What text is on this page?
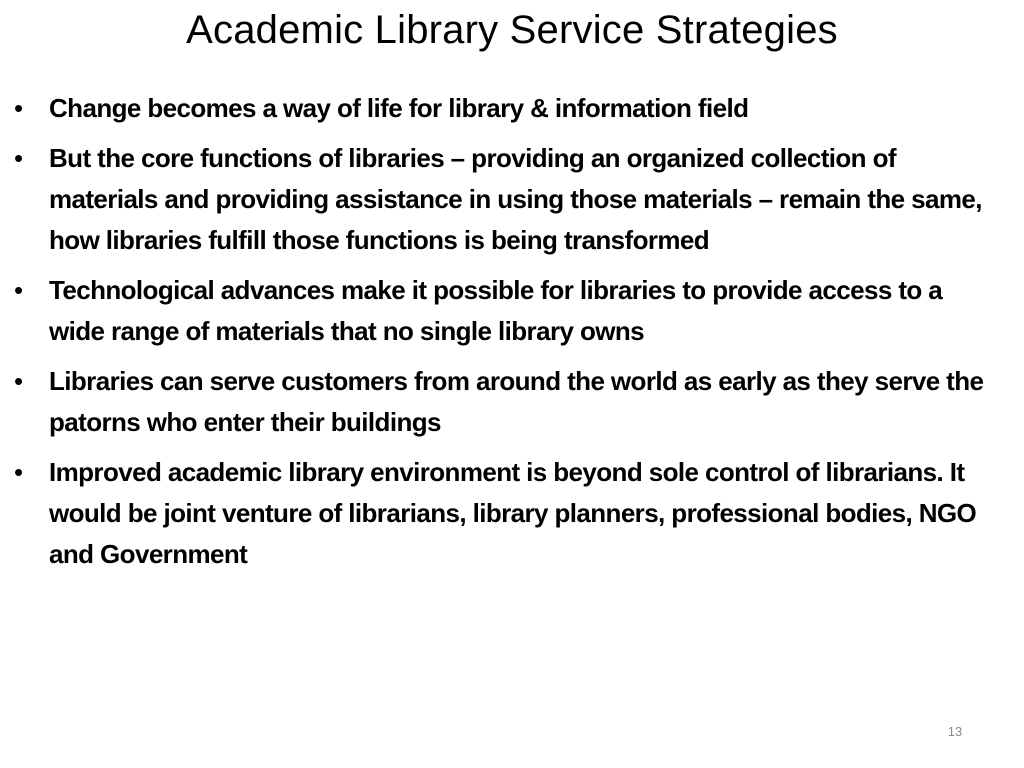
Academic Library Service Strategies
• Change becomes a way of life for library & information field
• But the core functions of libraries – providing an organized collection of materials and providing assistance in using those materials – remain the same, how libraries fulfill those functions is being transformed
• Technological advances make it possible for libraries to provide access to a wide range of materials that no single library owns
• Libraries can serve customers from around the world as early as they serve the patorns who enter their buildings
• Improved academic library environment is beyond sole control of librarians. It would be joint venture of librarians, library planners, professional bodies, NGO and Government
13
